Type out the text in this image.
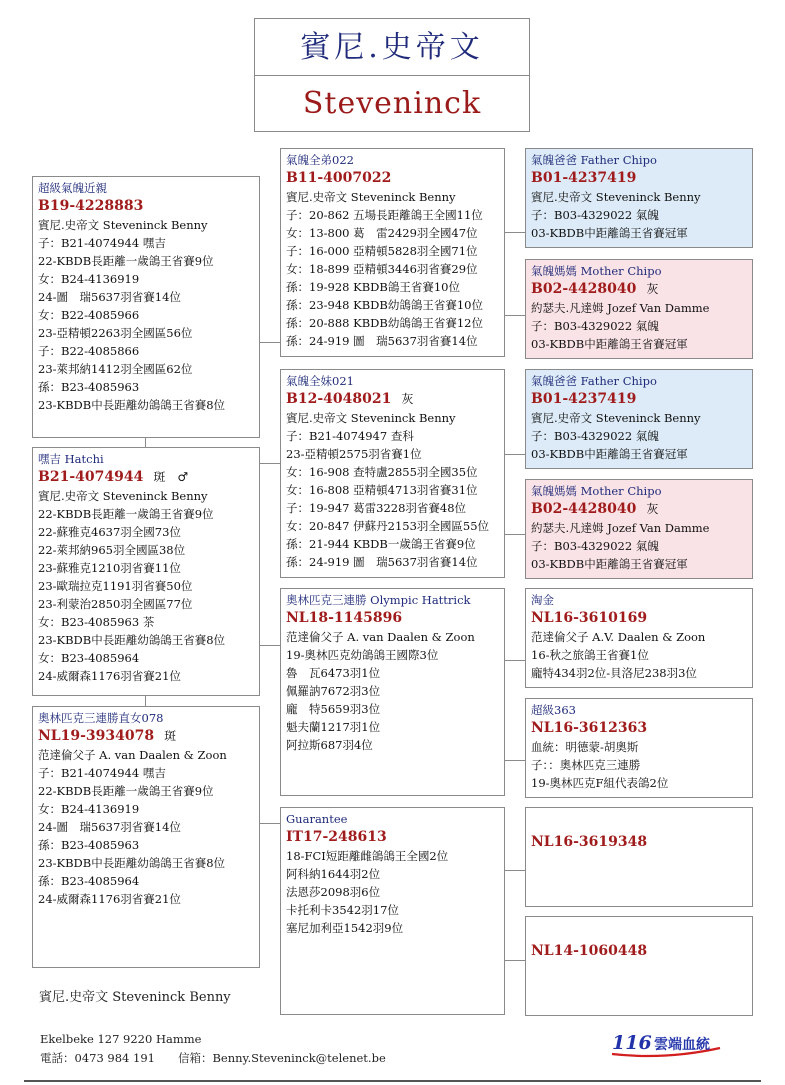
賓尼.史帝文
Steveninck
超級氣魄近親
B19-4228883
賓尼.史帝文 Steveninck Benny
子：B21-4074944 嘿吉
22-KBDB長距離一歲鴿王省賽9位
女：B24-4136919
24-圖　瑞5637羽省賽14位
女：B22-4085966
23-亞精頓2263羽全國區56位
子：B22-4085866
23-萊邦納1412羽全國區62位
孫：B23-4085963
23-KBDB中長距離幼鴿鴿王省賽8位
嘿吉 Hatchi
B21-4074944 斑　♂
賓尼.史帝文 Steveninck Benny
22-KBDB長距離一歲鴿王省賽9位
22-蘇雅克4637羽全國73位
22-萊邦納965羽全國區38位
23-蘇雅克1210羽省賽11位
23-歐瑞拉克1191羽省賽50位
23-利蒙治2850羽全國區77位
女：B23-4085963 茶
23-KBDB中長距離幼鴿鴿王省賽8位
女：B23-4085964
24-威爾森1176羽省賽21位
奧林匹克三連勝直女078
NL19-3934078 斑
范達倫父子 A. van Daalen & Zoon
子：B21-4074944 嘿吉
22-KBDB長距離一歲鴿王省賽9位
女：B24-4136919
24-圖　瑞5637羽省賽14位
孫：B23-4085963
23-KBDB中長距離幼鴿鴿王省賽8位
孫：B23-4085964
24-威爾森1176羽省賽21位
氣魄全弟022
B11-4007022
賓尼.史帝文 Steveninck Benny
子：20-862 五場長距離鴿王全國11位
女：13-800 葛　雷2429羽全國47位
子：16-000 亞精頓5828羽全國71位
女：18-899 亞精頓3446羽省賽29位
孫：19-928 KBDB鴿王省賽10位
孫：23-948 KBDB幼鴿鴿王省賽10位
孫：20-888 KBDB幼鴿鴿王省賽12位
孫：24-919 圖　瑞5637羽省賽14位
氣魄全妹021
B12-4048021 灰
賓尼.史帝文 Steveninck Benny
子：B21-4074947 查科
23-亞精頓2575羽省賽1位
女：16-908 查特盧2855羽全國35位
女：16-808 亞精頓4713羽省賽31位
子：19-947 葛雷3228羽省賽48位
女：20-847 伊蘇丹2153羽全國區55位
孫：21-944 KBDB一歲鴿王省賽9位
孫：24-919 圖　瑞5637羽省賽14位
奧林匹克三連勝 Olympic Hattrick
NL18-1145896
范達倫父子 A. van Daalen & Zoon
19-奧林匹克幼鴿鴿王國際3位
魯　瓦6473羽1位
佩羅訥7672羽3位
龐　特5659羽3位
魁夫蘭1217羽1位
阿拉斯687羽4位
Guarantee
IT17-248613
18-FCI短距離雌鴿鴿王全國2位
阿科納1644羽2位
法恩莎2098羽6位
卡托利卡3542羽17位
塞尼加利亞1542羽9位
氣魄爸爸 Father Chipo
B01-4237419
賓尼.史帝文 Steveninck Benny
子：B03-4329022 氣魄
03-KBDB中距離鴿王省賽冠軍
氣魄媽媽 Mother Chipo
B02-4428040 灰
約瑟夫.凡達姆 Jozef Van Damme
子：B03-4329022 氣魄
03-KBDB中距離鴿王省賽冠軍
氣魄爸爸 Father Chipo
B01-4237419
賓尼.史帝文 Steveninck Benny
子：B03-4329022 氣魄
03-KBDB中距離鴿王省賽冠軍
氣魄媽媽 Mother Chipo
B02-4428040 灰
約瑟夫.凡達姆 Jozef Van Damme
子：B03-4329022 氣魄
03-KBDB中距離鴿王省賽冠軍
淘金
NL16-3610169
范達倫父子 A.V. Daalen & Zoon
16-秋之旅鴿王省賽1位
龐特434羽2位-貝洛尼238羽3位
超級363
NL16-3612363
血統：明德蒙-胡奧斯
子：：奧林匹克三連勝
19-奧林匹克F組代表鴿2位
NL16-3619348
NL14-1060448
賓尼.史帝文 Steveninck Benny
Ekelbeke 127 9220 Hamme
電話：0473 984 191　　信箱：Benny.Steveninck@telenet.be
116 雲端血統
